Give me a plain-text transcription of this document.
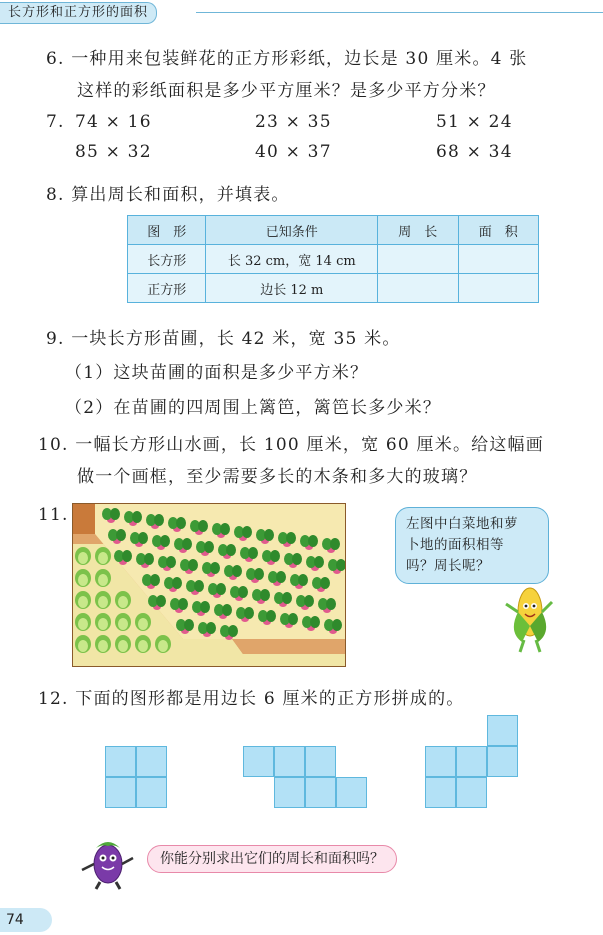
长方形和正方形的面积
6. 一种用来包装鲜花的正方形彩纸，边长是 30 厘米。4 张
这样的彩纸面积是多少平方厘米？是多少平方分米？
7. 74 × 16	23 × 35	51 × 24
85 × 32	40 × 37	68 × 34
8. 算出周长和面积，并填表。
图　形	已知条件	周　长	面　积
长方形	长 32 cm，宽 14 cm		
正方形	边长 12 m		
9. 一块长方形苗圃，长 42 米，宽 35 米。
（1）这块苗圃的面积是多少平方米？
（2）在苗圃的四周围上篱笆，篱笆长多少米？
10. 一幅长方形山水画，长 100 厘米，宽 60 厘米。给这幅画
做一个画框，至少需要多长的木条和多大的玻璃？
11.	左图中白菜地和萝
卜地的面积相等
吗？周长呢？
12. 下面的图形都是用边长 6 厘米的正方形拼成的。
你能分别求出它们的周长和面积吗？
74
